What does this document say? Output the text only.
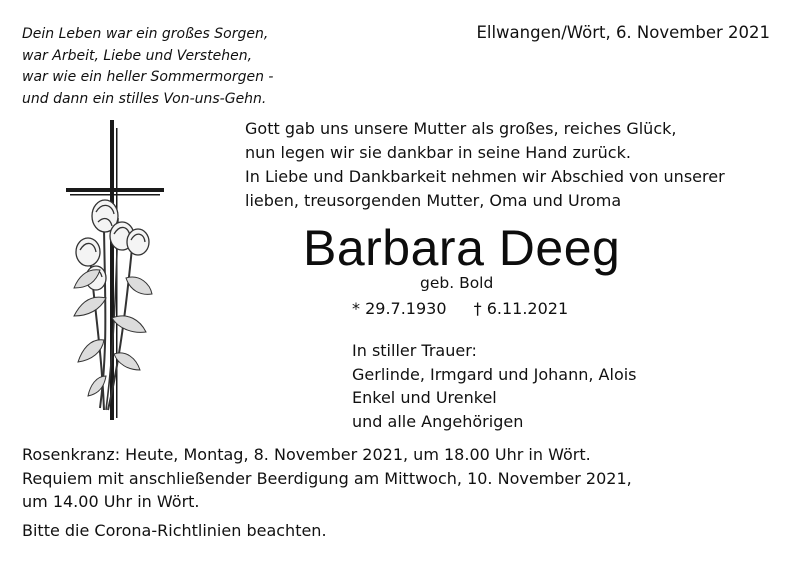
Dein Leben war ein großes Sorgen,
war Arbeit, Liebe und Verstehen,
war wie ein heller Sommermorgen -
und dann ein stilles Von-uns-Gehn.
Ellwangen/Wört, 6. November 2021
Gott gab uns unsere Mutter als großes, reiches Glück,
nun legen wir sie dankbar in seine Hand zurück.
In Liebe und Dankbarkeit nehmen wir Abschied von unserer
lieben, treusorgenden Mutter, Oma und Uroma
Barbara Deeg
geb. Bold
* 29.7.1930 † 6.11.2021
In stiller Trauer:
Gerlinde, Irmgard und Johann, Alois
Enkel und Urenkel
und alle Angehörigen
Rosenkranz: Heute, Montag, 8. November 2021, um 18.00 Uhr in Wört.
Requiem mit anschließender Beerdigung am Mittwoch, 10. November 2021,
um 14.00 Uhr in Wört.
Bitte die Corona-Richtlinien beachten.
